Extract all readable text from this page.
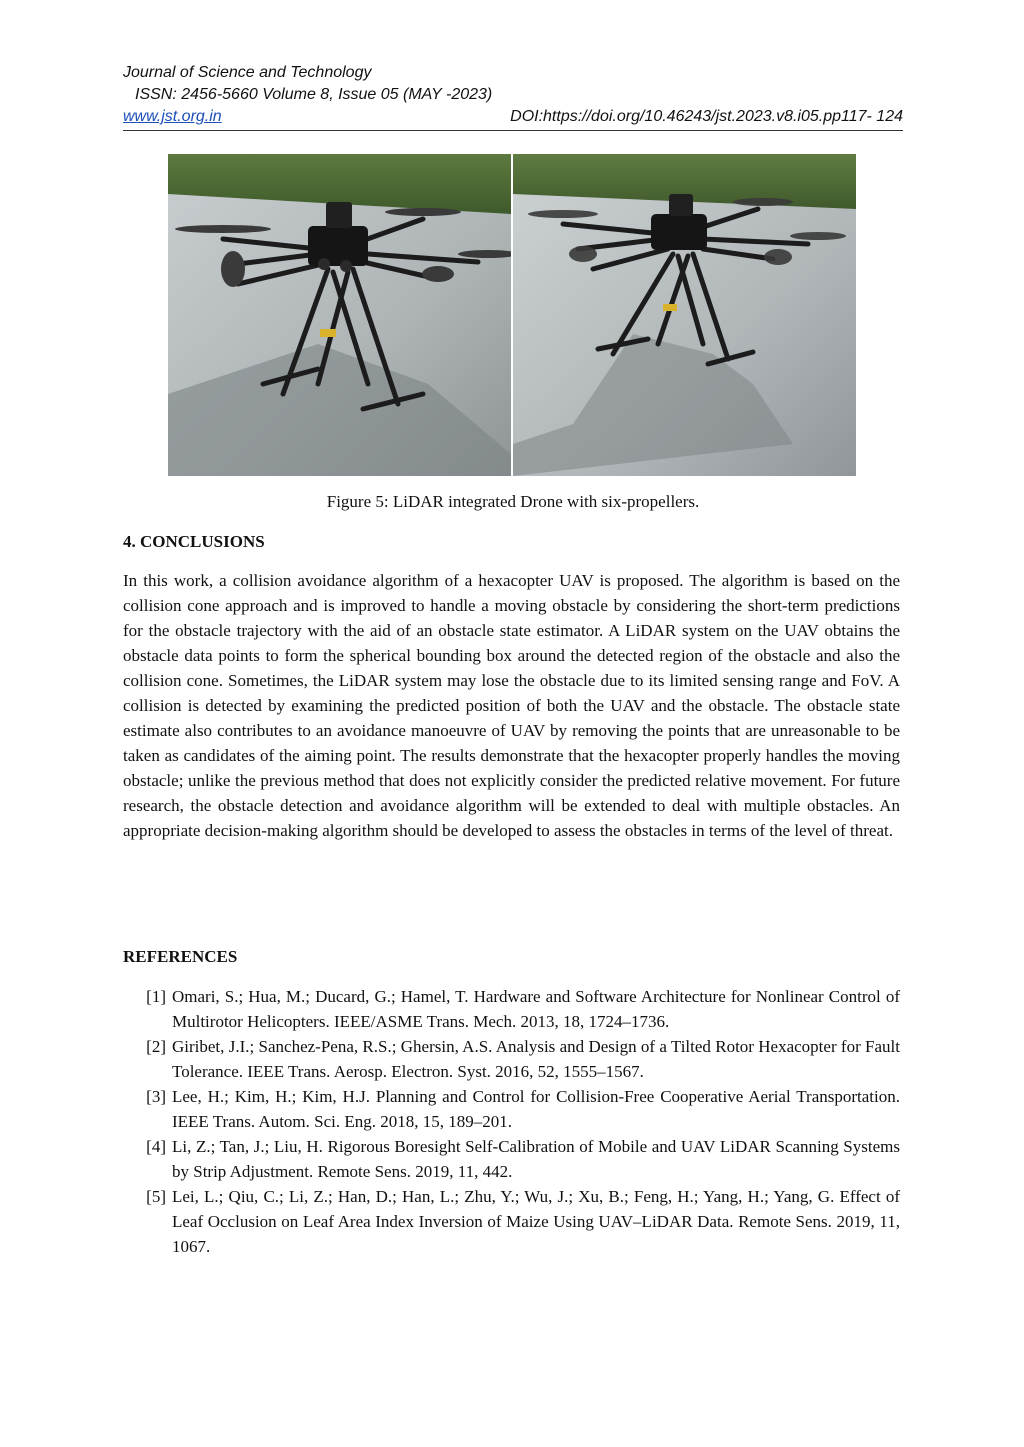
Journal of Science and Technology
ISSN: 2456-5660 Volume 8, Issue 05 (MAY -2023)
www.jst.org.in	DOI:https://doi.org/10.46243/jst.2023.v8.i05.pp117- 124
Figure 5: LiDAR integrated Drone with six-propellers.
4. CONCLUSIONS

In this work, a collision avoidance algorithm of a hexacopter UAV is proposed. The algorithm is based on the collision cone approach and is improved to handle a moving obstacle by considering the short-term predictions for the obstacle trajectory with the aid of an obstacle state estimator. A LiDAR system on the UAV obtains the obstacle data points to form the spherical bounding box around the detected region of the obstacle and also the collision cone. Sometimes, the LiDAR system may lose the obstacle due to its limited sensing range and FoV. A collision is detected by examining the predicted position of both the UAV and the obstacle. The obstacle state estimate also contributes to an avoidance manoeuvre of UAV by removing the points that are unreasonable to be taken as candidates of the aiming point. The results demonstrate that the hexacopter properly handles the moving obstacle; unlike the previous method that does not explicitly consider the predicted relative movement. For future research, the obstacle detection and avoidance algorithm will be extended to deal with multiple obstacles. An appropriate decision-making algorithm should be developed to assess the obstacles in terms of the level of threat.

REFERENCES
[1] Omari, S.; Hua, M.; Ducard, G.; Hamel, T. Hardware and Software Architecture for Nonlinear Control of Multirotor Helicopters. IEEE/ASME Trans. Mech. 2013, 18, 1724–1736.
[2] Giribet, J.I.; Sanchez-Pena, R.S.; Ghersin, A.S. Analysis and Design of a Tilted Rotor Hexacopter for Fault Tolerance. IEEE Trans. Aerosp. Electron. Syst. 2016, 52, 1555–1567.
[3] Lee, H.; Kim, H.; Kim, H.J. Planning and Control for Collision-Free Cooperative Aerial Transportation. IEEE Trans. Autom. Sci. Eng. 2018, 15, 189–201.
[4] Li, Z.; Tan, J.; Liu, H. Rigorous Boresight Self-Calibration of Mobile and UAV LiDAR Scanning Systems by Strip Adjustment. Remote Sens. 2019, 11, 442.
[5] Lei, L.; Qiu, C.; Li, Z.; Han, D.; Han, L.; Zhu, Y.; Wu, J.; Xu, B.; Feng, H.; Yang, H.; Yang, G. Effect of Leaf Occlusion on Leaf Area Index Inversion of Maize Using UAV–LiDAR Data. Remote Sens. 2019, 11, 1067.
